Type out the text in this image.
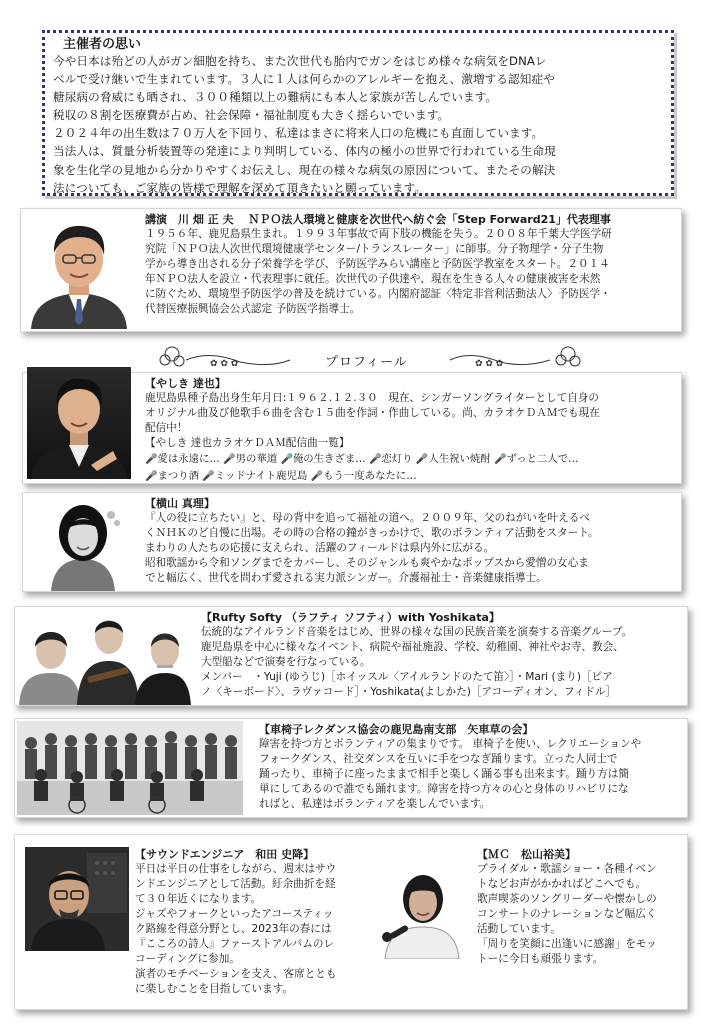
主催者の思い
今や日本は殆どの人がガン細胞を持ち、また次世代も胎内でガンをはじめ様々な病気をDNAレ
ベルで受け継いで生まれています。３人に１人は何らかのアレルギーを抱え、激増する認知症や
糖尿病の脅威にも晒され、３００種類以上の難病にも本人と家族が苦しんでいます。
税収の８割を医療費が占め、社会保障・福祉制度も大きく揺らいでいます。
２０２４年の出生数は７０万人を下回り、私達はまさに将来人口の危機にも直面しています。
当法人は、質量分析装置等の発達により判明している、体内の極小の世界で行われている生命現
象を生化学の見地から分かりやすくお伝えし、現在の様々な病気の原因について、またその解決
法についても、ご家族の皆様で理解を深めて頂きたいと願っています。
講演　川 畑 正 夫　 ＮＰＯ法人環境と健康を次世代へ紡ぐ会「Step Forward21」代表理事
１９５６年、鹿児島県生まれ。１９９３年事故で両下肢の機能を失う。２００８年千葉大学医学研
究院「ＮＰＯ法人次世代環境健康学センター/トランスレーター」に師事。分子物理学・分子生物
学から導き出される分子栄養学を学び、予防医学みらい講座と予防医学教室をスタート。２０１４
年ＮＰＯ法人を設立・代表理事に就任。次世代の子供達や、現在を生きる人々の健康被害を未然
に防ぐため、環境型予防医学の普及を続けている。内閣府認証〈特定非営利活動法人〉予防医学・
代替医療振興協会公式認定 予防医学指導士。
✿ ✿ ✿	✿ ✿ ✿
プロフィール
【やしき 達也】
鹿児島県種子島出身生年月日:１９６２.１２.３０　現在、シンガーソングライターとして自身の
オリジナル曲及び他歌手６曲を含む１５曲を作詞・作曲している。尚、カラオケＤＡＭでも現在
配信中！
【やしき 達也カラオケＤＡＭ配信曲一覧】
🎤愛は永遠に… 🎤男の華道 🎤俺の生きざま… 🎤恋灯り 🎤人生祝い焼酎 🎤ずっと二人で…
🎤まつり酒 🎤ミッドナイト鹿児島 🎤もう一度あなたに…
【横山 真理】
『人の役に立ちたい』と、母の背中を追って福祉の道へ。２００９年、父のねがいを叶えるべ
くＮＨＫのど自慢に出場。その時の合格の鐘がきっかけで、歌のボランティア活動をスタート。
まわりの人たちの応援に支えられ、活躍のフィールドは県内外に広がる。
昭和歌謡から令和ソングまでをカバーし、そのジャンルも爽やかなポップスから愛憎の女心ま
でと幅広く、世代を問わず愛される実力派シンガー。介護福祉士・音楽健康指導士。
【Rufty Softy （ラフティ ソフティ）with Yoshikata】
伝統的なアイルランド音楽をはじめ、世界の様々な国の民族音楽を演奏する音楽グループ。
鹿児島県を中心に様々なイベント、病院や福祉施設、学校、幼稚園、神社やお寺、教会、
大型船などで演奏を行なっている。
メンバー　・Yuji (ゆうじ)［ホイッスル〈アイルランドのたて笛〉］・Mari (まり)［ピア
ノ〈キーボード〉、ラヴァコード］・Yoshikata(よしかた)［アコーディオン、フィドル］
【車椅子レクダンス協会の鹿児島南支部　矢車草の会】
障害を持つ方とボランティアの集まりです。 車椅子を使い、レクリエーションや
フォークダンス、社交ダンスを互いに手をつなぎ踊ります。立った人同士で
踊ったり、車椅子に座ったままで相手と楽しく踊る事も出来ます。踊り方は簡
単にしてあるので誰でも踊れます。障害を持つ方々の心と身体のリハビリにな
ればと、私達はボランティアを楽しんでいます。
【サウンドエンジニア　和田 史降】
平日は平日の仕事をしながら、週末はサウ
ンドエンジニアとして活動。紆余曲折を経
て３０年近くになります。
ジャズやフォークといったアコースティッ
ク路線を得意分野とし、2023年の春には
『こころの詩人』ファーストアルバムのレ
コーディングに参加。
演者のモチベーションを支え、客席ととも
に楽しむことを目指しています。
【ＭＣ　松山裕美】
ブライダル・歌謡ショー・各種イベン
トなどお声がかかればどこへでも。
歌声喫茶のソングリーダーや懐かしの
コンサートのナレーションなど幅広く
活動しています。
「周りを笑顔に出逢いに感謝」をモッ
トーに今日も頑張ります。
